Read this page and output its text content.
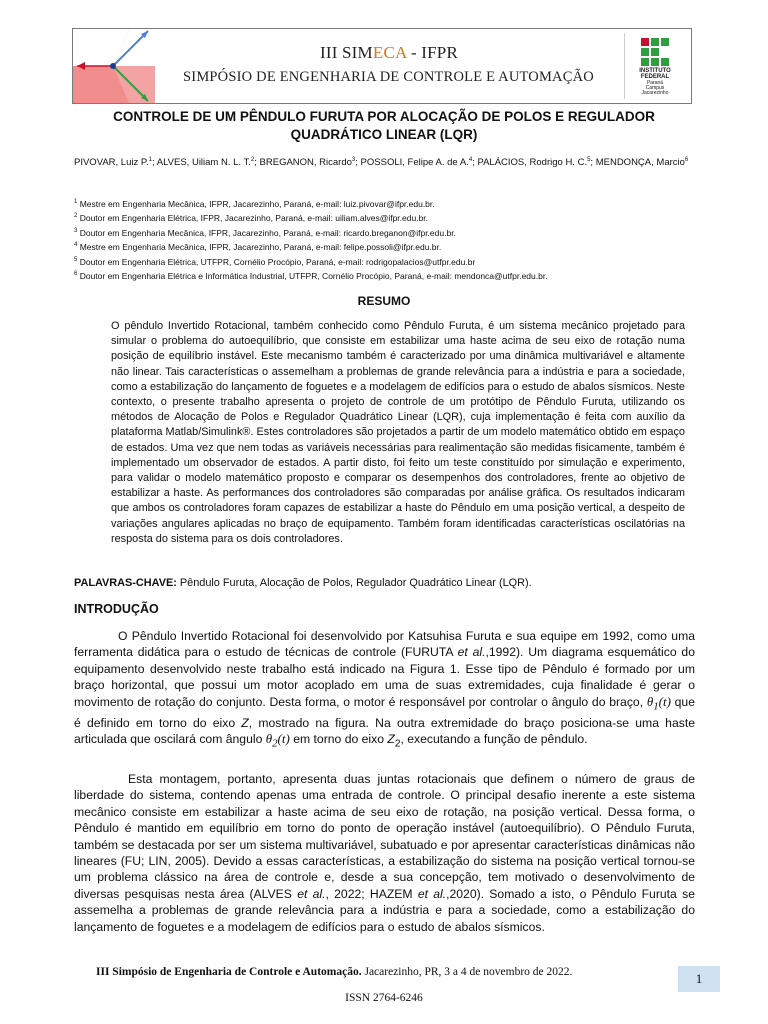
III SIMECA - IFPR
SIMPÓSIO DE ENGENHARIA DE CONTROLE E AUTOMAÇÃO	INSTITUTO
FEDERAL
Paraná
Campus
Jacarezinho
CONTROLE DE UM PÊNDULO FURUTA POR ALOCAÇÃO DE POLOS E REGULADOR
QUADRÁTICO LINEAR (LQR)
PIVOVAR, Luiz P.$^1$; ALVES, Uiliam N. L. T.$^2$; BREGANON, Ricardo$^3$; POSSOLI, Felipe A. de A.$^4$; PALÁCIOS, Rodrigo H. C.$^5$; MENDONÇA, Marcio$^6$
$^1$ Mestre em Engenharia Mecânica, IFPR, Jacarezinho, Paraná, e-mail: luiz.pivovar@ifpr.edu.br.
$^2$ Doutor em Engenharia Elétrica, IFPR, Jacarezinho, Paraná, e-mail: uiliam.alves@ifpr.edu.br.
$^3$ Doutor em Engenharia Mecânica, IFPR, Jacarezinho, Paraná, e-mail: ricardo.breganon@ifpr.edu.br.
$^4$ Mestre em Engenharia Mecânica, IFPR, Jacarezinho, Paraná, e-mail: felipe.possoli@ifpr.edu.br.
$^5$ Doutor em Engenharia Elétrica, UTFPR, Cornélio Procópio, Paraná, e-mail: rodrigopalacios@utfpr.edu.br
$^6$ Doutor em Engenharia Elétrica e Informática Industrial, UTFPR, Cornélio Procópio, Paraná, e-mail: mendonca@utfpr.edu.br.
RESUMO

O pêndulo Invertido Rotacional, também conhecido como Pêndulo Furuta, é um sistema mecânico projetado para simular o problema do autoequilíbrio, que consiste em estabilizar uma haste acima de seu eixo de rotação numa posição de equilíbrio instável. Este mecanismo também é caracterizado por uma dinâmica multivariável e altamente não linear. Tais características o assemelham a problemas de grande relevância para a indústria e para a sociedade, como a estabilização do lançamento de foguetes e a modelagem de edifícios para o estudo de abalos sísmicos. Neste contexto, o presente trabalho apresenta o projeto de controle de um protótipo de Pêndulo Furuta, utilizando os métodos de Alocação de Polos e Regulador Quadrático Linear (LQR), cuja implementação é feita com auxílio da plataforma Matlab/Simulink®. Estes controladores são projetados a partir de um modelo matemático obtido em espaço de estados. Uma vez que nem todas as variáveis necessárias para realimentação são medidas fisicamente, também é implementado um observador de estados. A partir disto, foi feito um teste constituído por simulação e experimento, para validar o modelo matemático proposto e comparar os desempenhos dos controladores, frente ao objetivo de estabilizar a haste. As performances dos controladores são comparadas por análise gráfica. Os resultados indicaram que ambos os controladores foram capazes de estabilizar a haste do Pêndulo em uma posição vertical, a despeito de variações angulares aplicadas no braço de equipamento. Também foram identificadas características oscilatórias na resposta do sistema para os dois controladores.

PALAVRAS-CHAVE: Pêndulo Furuta, Alocação de Polos, Regulador Quadrático Linear (LQR).
INTRODUÇÃO

O Pêndulo Invertido Rotacional foi desenvolvido por Katsuhisa Furuta e sua equipe em 1992, como uma ferramenta didática para o estudo de técnicas de controle (FURUTA et al.,1992). Um diagrama esquemático do equipamento desenvolvido neste trabalho está indicado na Figura 1. Esse tipo de Pêndulo é formado por um braço horizontal, que possui um motor acoplado em uma de suas extremidades, cuja finalidade é gerar o movimento de rotação do conjunto. Desta forma, o motor é responsável por controlar o ângulo do braço, $\theta_1(t)$ que é definido em torno do eixo Z, mostrado na figura. Na outra extremidade do braço posiciona-se uma haste articulada que oscilará com ângulo $\theta_2(t)$ em torno do eixo $Z_2$, executando a função de pêndulo.

Esta montagem, portanto, apresenta duas juntas rotacionais que definem o número de graus de liberdade do sistema, contendo apenas uma entrada de controle. O principal desafio inerente a este sistema mecânico consiste em estabilizar a haste acima de seu eixo de rotação, na posição vertical. Dessa forma, o Pêndulo é mantido em equilíbrio em torno do ponto de operação instável (autoequilíbrio). O Pêndulo Furuta, também se destacada por ser um sistema multivariável, subatuado e por apresentar características dinâmicas não lineares (FU; LIN, 2005). Devido a essas características, a estabilização do sistema na posição vertical tornou-se um problema clássico na área de controle e, desde a sua concepção, tem motivado o desenvolvimento de diversas pesquisas nesta área (ALVES et al., 2022; HAZEM et al.,2020). Somado a isto, o Pêndulo Furuta se assemelha a problemas de grande relevância para a indústria e para a sociedade, como a estabilização do lançamento de foguetes e a modelagem de edifícios para o estudo de abalos sísmicos.

III Simpósio de Engenharia de Controle e Automação. Jacarezinho, PR, 3 a 4 de novembro de 2022.	1
ISSN 2764-6246
